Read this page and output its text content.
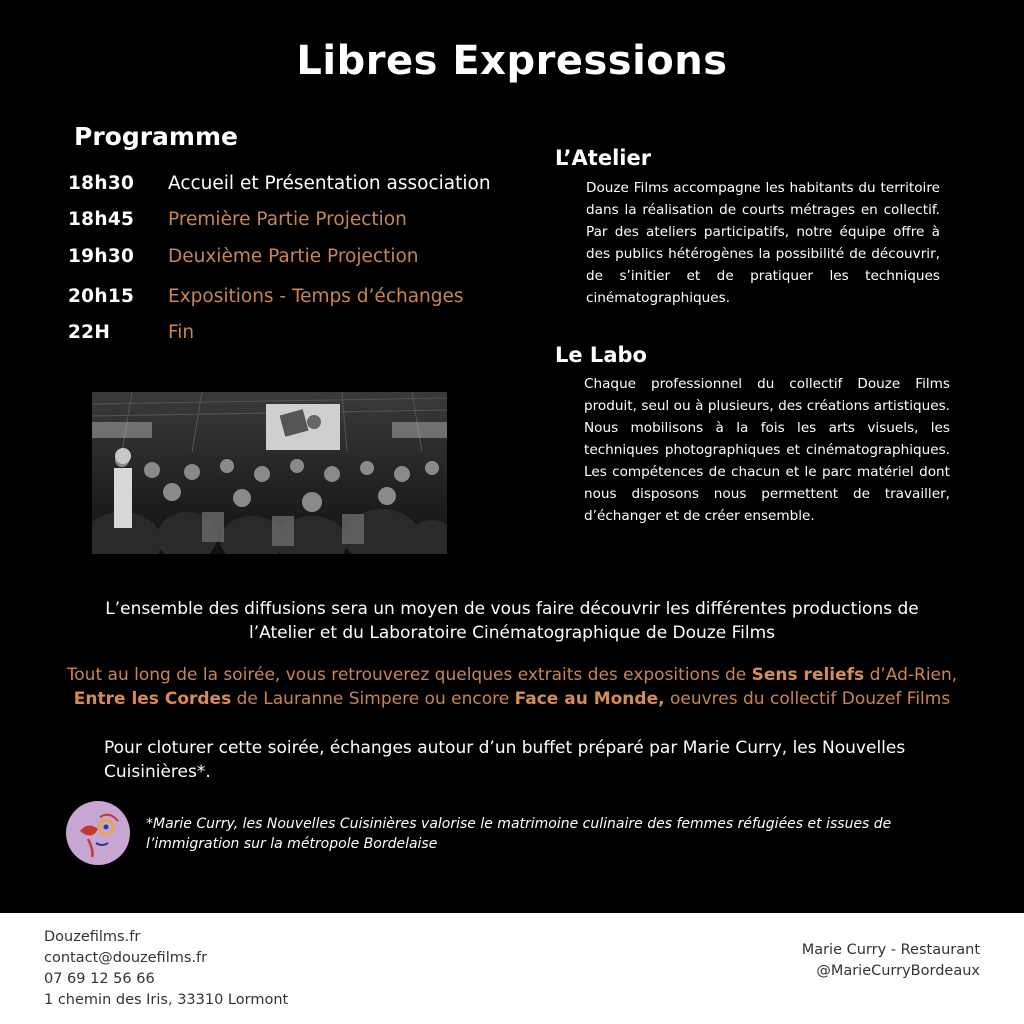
Libres Expressions
Programme
18h30	Accueil et Présentation association
18h45	Première Partie Projection
19h30	Deuxième Partie Projection
20h15	Expositions - Temps d’échanges
22H	Fin
L’Atelier

Douze Films accompagne les habitants du territoire dans la réalisation de courts métrages en collectif. Par des ateliers participatifs, notre équipe offre à des publics hétérogènes la possibilité de découvrir, de s’initier et de pratiquer les techniques cinématographiques.

Le Labo

Chaque professionnel du collectif Douze Films produit, seul ou à plusieurs, des créations artistiques. Nous mobilisons à la fois les arts visuels, les techniques photographiques et cinématographiques. Les compétences de chacun et le parc matériel dont nous disposons nous permettent de travailler, d’échanger et de créer ensemble.

L’ensemble des diffusions sera un moyen de vous faire découvrir les différentes productions de
l’Atelier et du Laboratoire Cinématographique de Douze Films
Tout au long de la soirée, vous retrouverez quelques extraits des expositions de Sens reliefs d’Ad-Rien,
Entre les Cordes de Lauranne Simpere ou encore Face au Monde, oeuvres du collectif Douzef Films

Pour cloturer cette soirée, échanges autour d’un buffet préparé par Marie Curry, les Nouvelles Cuisinières*.

*Marie Curry, les Nouvelles Cuisinières valorise le matrimoine culinaire des femmes réfugiées et issues de l’immigration sur la métropole Bordelaise

Douzefilms.fr
contact@douzefilms.fr
07 69 12 56 66
1 chemin des Iris, 33310 Lormont
Marie Curry - Restaurant
@MarieCurryBordeaux
